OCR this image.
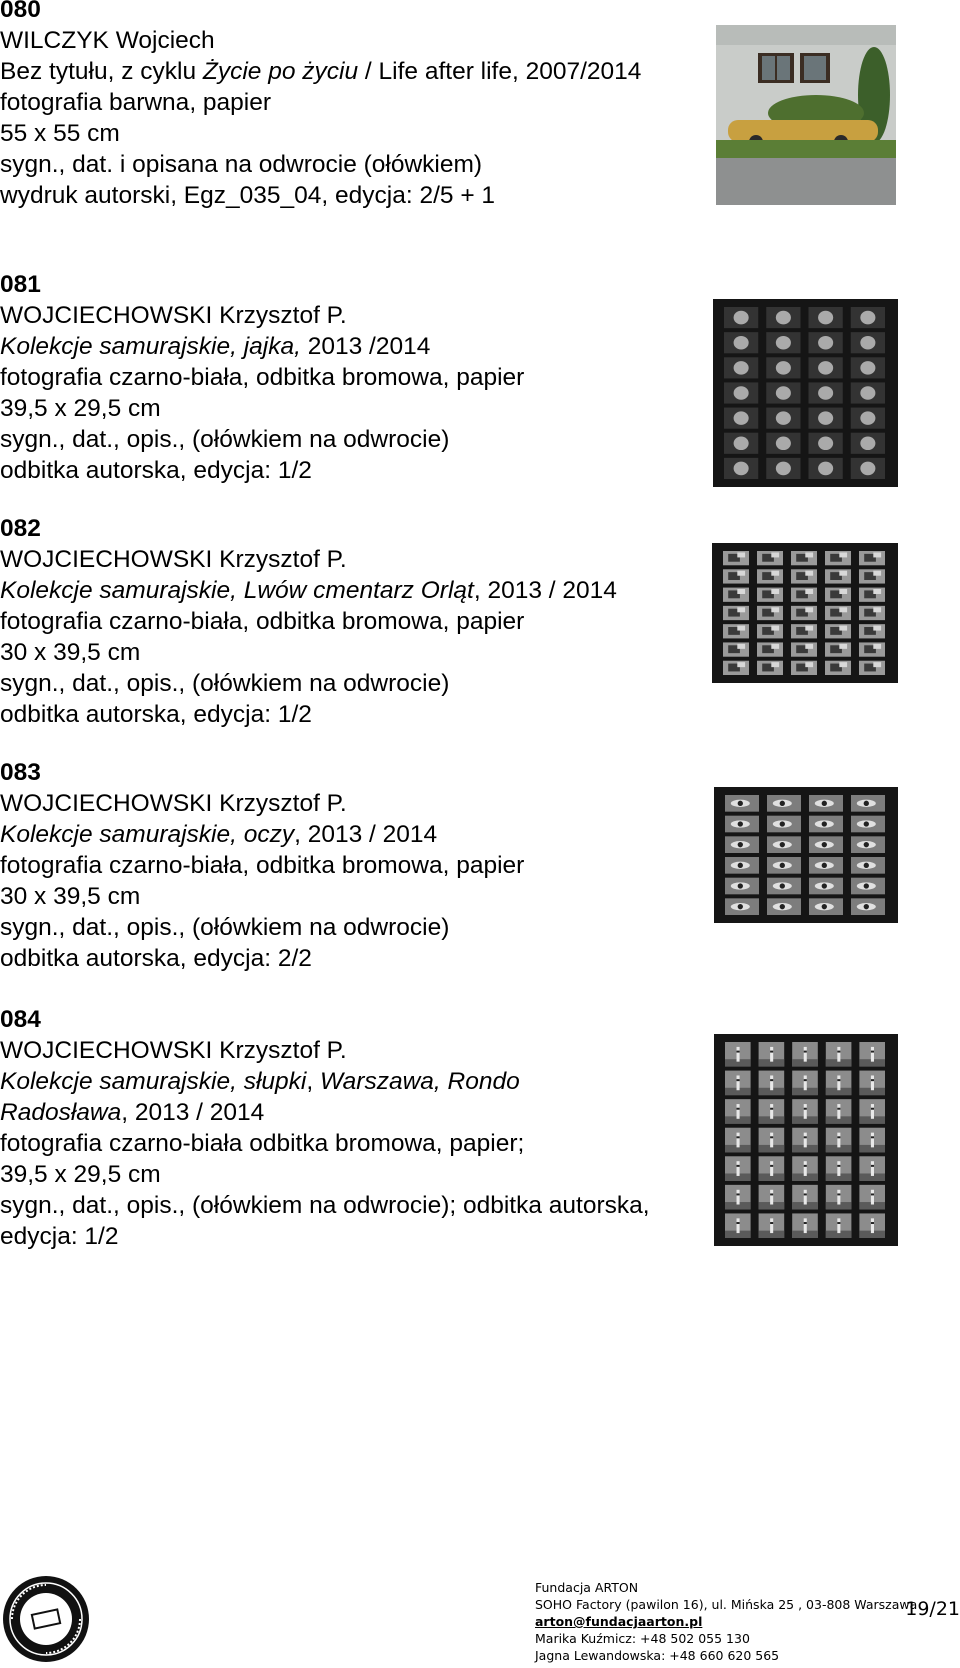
080
WILCZYK Wojciech
Bez tytułu, z cyklu Życie po życiu / Life after life, 2007/2014
fotografia barwna, papier
55 x 55 cm
sygn., dat. i opisana na odwrocie (ołówkiem)
wydruk autorski, Egz_035_04, edycja: 2/5 + 1
081
WOJCIECHOWSKI Krzysztof P.
Kolekcje samurajskie, jajka, 2013 /2014
fotografia czarno-biała, odbitka bromowa, papier
39,5 x 29,5 cm
sygn., dat., opis., (ołówkiem na odwrocie)
odbitka autorska, edycja: 1/2
082
WOJCIECHOWSKI Krzysztof P.
Kolekcje samurajskie, Lwów cmentarz Orląt, 2013 / 2014
fotografia czarno-biała, odbitka bromowa, papier
30 x 39,5 cm
sygn., dat., opis., (ołówkiem na odwrocie)
odbitka autorska, edycja: 1/2
083
WOJCIECHOWSKI Krzysztof P.
Kolekcje samurajskie, oczy, 2013 / 2014
fotografia czarno-biała, odbitka bromowa, papier
30 x 39,5 cm
sygn., dat., opis., (ołówkiem na odwrocie)
odbitka autorska, edycja: 2/2
084
WOJCIECHOWSKI Krzysztof P.
Kolekcje samurajskie, słupki, Warszawa, Rondo
Radosława, 2013 / 2014
fotografia czarno-biała odbitka bromowa, papier;
39,5 x 29,5 cm
sygn., dat., opis., (ołówkiem na odwrocie); odbitka autorska,
edycja: 1/2
Fundacja ARTON
SOHO Factory (pawilon 16), ul. Mińska 25 , 03-808 Warszawa
arton@fundacjaarton.pl
Marika Kuźmicz: +48 502 055 130
Jagna Lewandowska: +48 660 620 565
19/21
